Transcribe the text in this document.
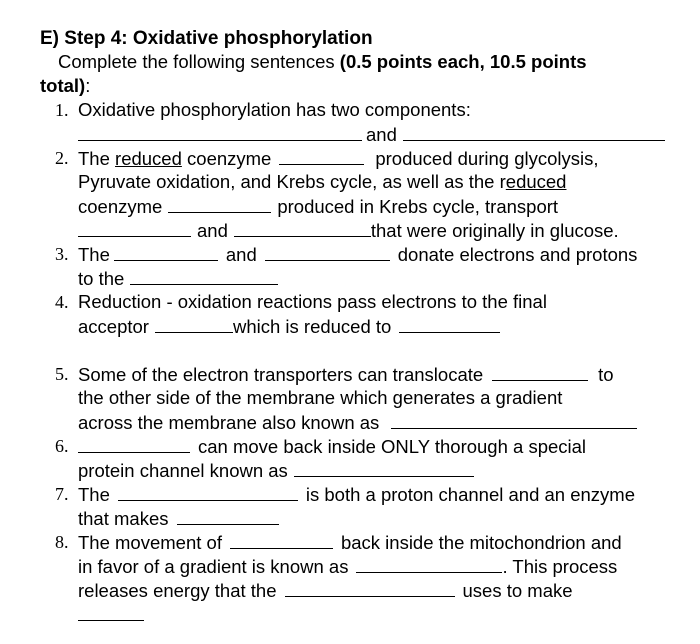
E) Step 4: Oxidative phosphorylation
Complete the following sentences (0.5 points each, 10.5 points
total):
1. Oxidative phosphorylation has two components:
and
2. The reduced coenzyme	produced during glycolysis,
Pyruvate oxidation, and Krebs cycle, as well as the reduced
coenzyme	produced in Krebs cycle, transport
and	that were originally in glucose.
3. The	and	donate electrons and protons
to the
4. Reduction - oxidation reactions pass electrons to the final
acceptor	which is reduced to
5. Some of the electron transporters can translocate	to
the other side of the membrane which generates a gradient
across the membrane also known as
6.	can move back inside ONLY thorough a special
protein channel known as
7. The	is both a proton channel and an enzyme
that makes
8. The movement of	back inside the mitochondrion and
in favor of a gradient is known as	. This process
releases energy that the	uses to make
